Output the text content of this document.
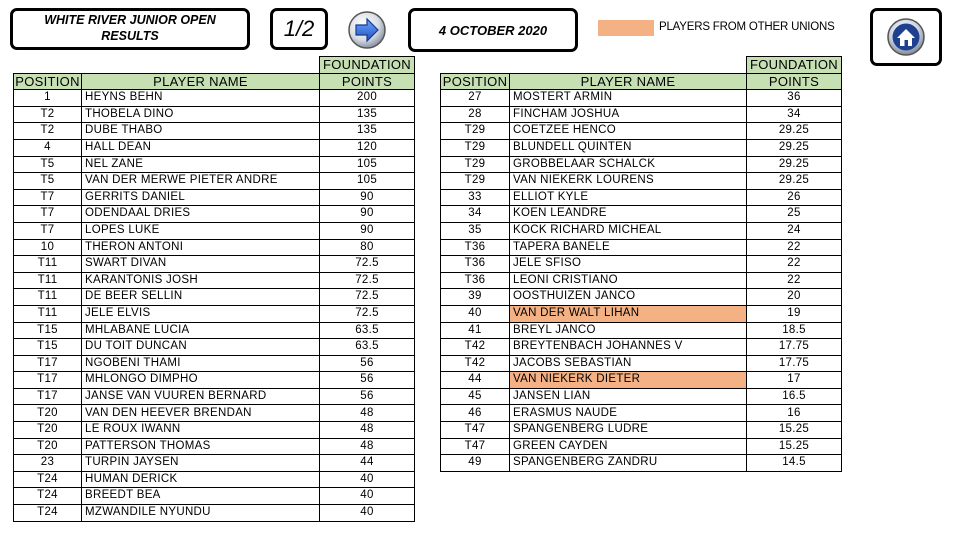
WHITE RIVER JUNIOR OPEN
RESULTS	1/2	4 OCTOBER 2020	PLAYERS FROM OTHER UNIONS
		FOUNDATION
POSITION	PLAYER NAME	POINTS
1	HEYNS BEHN	200
T2	THOBELA DINO	135
T2	DUBE THABO	135
4	HALL DEAN	120
T5	NEL ZANE	105
T5	VAN DER MERWE PIETER ANDRE	105
T7	GERRITS DANIEL	90
T7	ODENDAAL DRIES	90
T7	LOPES LUKE	90
10	THERON ANTONI	80
T11	SWART DIVAN	72.5
T11	KARANTONIS JOSH	72.5
T11	DE BEER SELLIN	72.5
T11	JELE ELVIS	72.5
T15	MHLABANE LUCIA	63.5
T15	DU TOIT DUNCAN	63.5
T17	NGOBENI THAMI	56
T17	MHLONGO DIMPHO	56
T17	JANSE VAN VUUREN BERNARD	56
T20	VAN DEN HEEVER BRENDAN	48
T20	LE ROUX IWANN	48
T20	PATTERSON THOMAS	48
23	TURPIN JAYSEN	44
T24	HUMAN DERICK	40
T24	BREEDT BEA	40
T24	MZWANDILE NYUNDU	40
		FOUNDATION
POSITION	PLAYER NAME	POINTS
27	MOSTERT ARMIN	36
28	FINCHAM JOSHUA	34
T29	COETZEE HENCO	29.25
T29	BLUNDELL QUINTEN	29.25
T29	GROBBELAAR SCHALCK	29.25
T29	VAN NIEKERK LOURENS	29.25
33	ELLIOT KYLE	26
34	KOEN LEANDRE	25
35	KOCK RICHARD MICHEAL	24
T36	TAPERA BANELE	22
T36	JELE SFISO	22
T36	LEONI CRISTIANO	22
39	OOSTHUIZEN JANCO	20
40	VAN DER WALT LIHAN	19
41	BREYL JANCO	18.5
T42	BREYTENBACH JOHANNES V	17.75
T42	JACOBS SEBASTIAN	17.75
44	VAN NIEKERK DIETER	17
45	JANSEN LIAN	16.5
46	ERASMUS NAUDE	16
T47	SPANGENBERG LUDRE	15.25
T47	GREEN CAYDEN	15.25
49	SPANGENBERG ZANDRU	14.5
